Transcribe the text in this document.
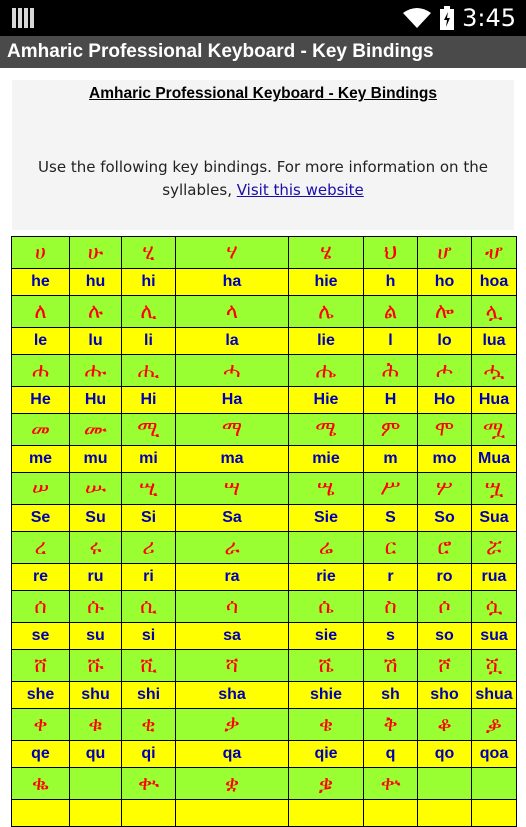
3:45
Amharic Professional Keyboard - Key Bindings
Amharic Professional Keyboard - Key Bindings
Use the following key bindings. For more information on the syllables, Visit this website
ሀ	ሁ	ሂ	ሃ	ሄ	ህ	ሆ	ሇ
he	hu	hi	ha	hie	h	ho	hoa
ለ	ሉ	ሊ	ላ	ሌ	ል	ሎ	ሏ
le	lu	li	la	lie	l	lo	lua
ሐ	ሑ	ሒ	ሓ	ሔ	ሕ	ሖ	ሗ
He	Hu	Hi	Ha	Hie	H	Ho	Hua
መ	ሙ	ሚ	ማ	ሜ	ም	ሞ	ሟ
me	mu	mi	ma	mie	m	mo	Mua
ሠ	ሡ	ሢ	ሣ	ሤ	ሥ	ሦ	ሧ
Se	Su	Si	Sa	Sie	S	So	Sua
ረ	ሩ	ሪ	ራ	ሬ	ር	ሮ	ሯ
re	ru	ri	ra	rie	r	ro	rua
ሰ	ሱ	ሲ	ሳ	ሴ	ስ	ሶ	ሷ
se	su	si	sa	sie	s	so	sua
ሸ	ሹ	ሺ	ሻ	ሼ	ሽ	ሾ	ሿ
she	shu	shi	sha	shie	sh	sho	shua
ቀ	ቁ	ቂ	ቃ	ቄ	ቅ	ቆ	ቇ
qe	qu	qi	qa	qie	q	qo	qoa
ቈ		ቊ	ቋ	ቌ	ቍ		
